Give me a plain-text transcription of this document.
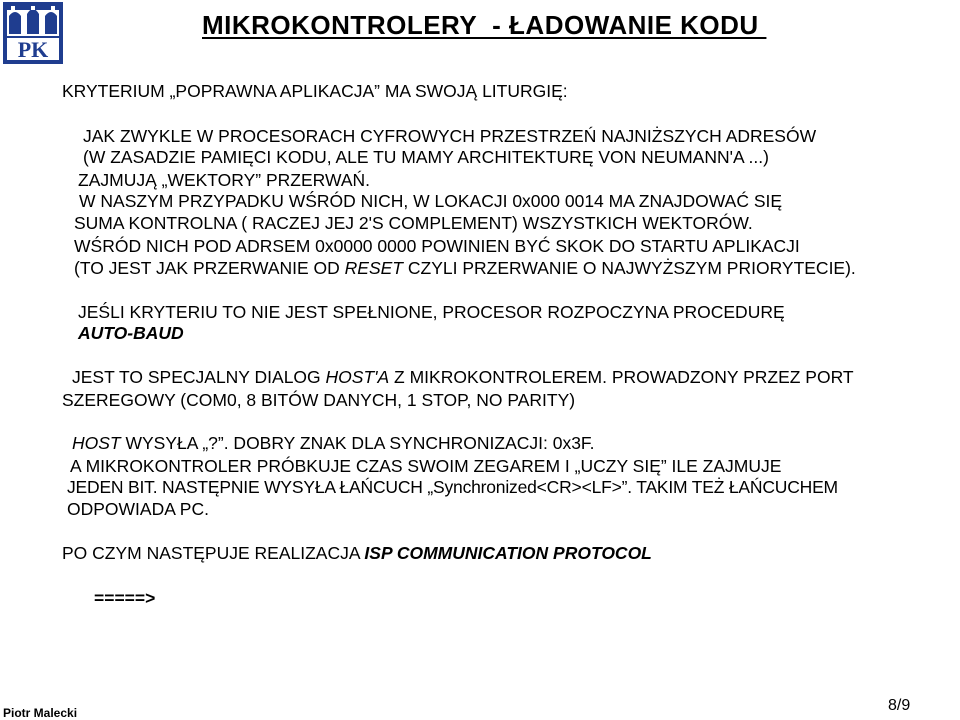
PK
MIKROKONTROLERY  - ŁADOWANIE KODU
KRYTERIUM „POPRAWNA APLIKACJA” MA SWOJĄ LITURGIĘ:
JAK ZWYKLE W PROCESORACH CYFROWYCH PRZESTRZEŃ NAJNIŻSZYCH ADRESÓW
(W ZASADZIE PAMIĘCI KODU, ALE TU MAMY ARCHITEKTURĘ VON NEUMANN'A ...)
ZAJMUJĄ „WEKTORY” PRZERWAŃ.
W NASZYM PRZYPADKU WŚRÓD NICH, W LOKACJI 0x000 0014 MA ZNAJDOWAĆ SIĘ
SUMA KONTROLNA ( RACZEJ JEJ 2'S COMPLEMENT) WSZYSTKICH WEKTORÓW.
WŚRÓD NICH POD ADRSEM 0x0000 0000 POWINIEN BYĆ SKOK DO STARTU APLIKACJI
(TO JEST JAK PRZERWANIE OD RESET CZYLI PRZERWANIE O NAJWYŻSZYM PRIORYTECIE).
JEŚLI KRYTERIU TO NIE JEST SPEŁNIONE, PROCESOR ROZPOCZYNA PROCEDURĘ
AUTO-BAUD
JEST TO SPECJALNY DIALOG HOST'A Z MIKROKONTROLEREM. PROWADZONY PRZEZ PORT
SZEREGOWY (COM0, 8 BITÓW DANYCH, 1 STOP, NO PARITY)
HOST WYSYŁA „?”. DOBRY ZNAK DLA SYNCHRONIZACJI: 0x3F.
A MIKROKONTROLER PRÓBKUJE CZAS SWOIM ZEGAREM I „UCZY SIĘ” ILE ZAJMUJE
JEDEN BIT. NASTĘPNIE WYSYŁA ŁAŃCUCH „Synchronized<CR><LF>”. TAKIM TEŻ ŁAŃCUCHEM
ODPOWIADA PC.
PO CZYM NASTĘPUJE REALIZACJA ISP COMMUNICATION PROTOCOL
=====>
Piotr Malecki	8/9
